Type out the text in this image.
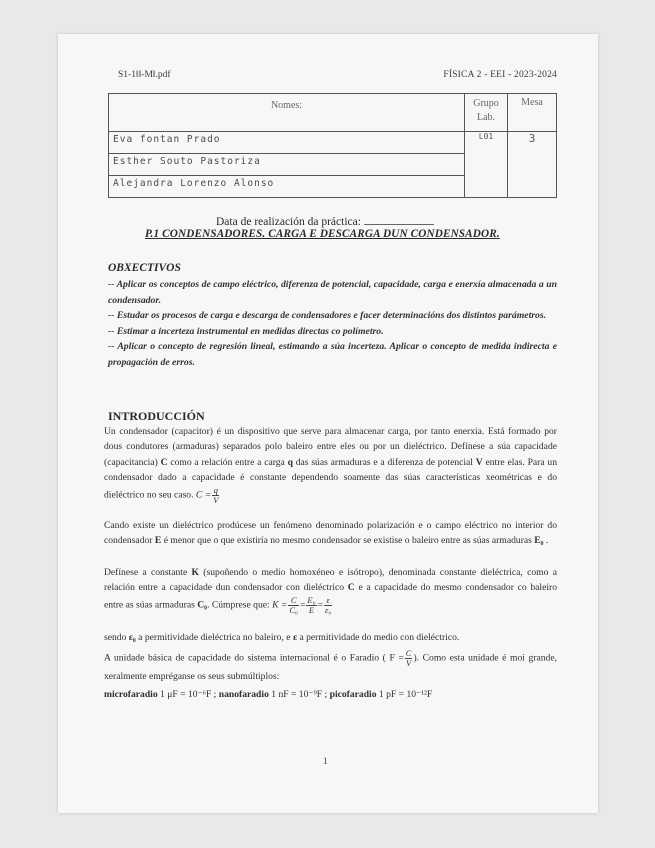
S1-1ǁǁ-Mǁ.pdf	FÍSICA 2 - EEI - 2023-2024
Nomes:	Grupo Lab.	Mesa
Eva fontan Prado	L01	3
Esther Souto Pastoriza		
Alejandra Lorenzo Alonso		
Data de realización da práctica:
P.1 CONDENSADORES. CARGA E DESCARGA DUN CONDENSADOR.
OBXECTIVOS

-- Aplicar os conceptos de campo eléctrico, diferenza de potencial, capacidade, carga e enerxía almacenada a un condensador.

-- Estudar os procesos de carga e descarga de condensadores e facer determinacións dos distintos parámetros.

-- Estimar a incerteza instrumental en medidas directas co polímetro.

-- Aplicar o concepto de regresión lineal, estimando a súa incerteza. Aplicar o concepto de medida indirecta e propagación de erros.

INTRODUCCIÓN

Un condensador (capacitor) é un dispositivo que serve para almacenar carga, por tanto enerxía. Está formado por dous condutores (armaduras) separados polo baleiro entre eles ou por un dieléctrico. Defínese a súa capacidade (capacitancia) C como a relación entre a carga q das súas armaduras e a diferenza de potencial V entre elas. Para un condensador dado a capacidade é constante dependendo soamente das súas características xeométricas e do dieléctrico no seu caso. $C = \frac{q}{V}$

Cando existe un dieléctrico prodúcese un fenómeno denominado polarización e o campo eléctrico no interior do condensador E é menor que o que existiría no mesmo condensador se existise o baleiro entre as súas armaduras E₀ .

Defínese a constante K (supoñendo o medio homoxéneo e isótropo), denominada constante dieléctrica, como a relación entre a capacidade dun condensador con dieléctrico C e a capacidade do mesmo condensador co baleiro entre as súas armaduras C₀. Cúmprese que: $K = \frac{C}{\text{C₀}} = \frac{\text{E₀}}{E} = \frac{\varepsilon}{\text{ε₀}}$

sendo ε₀ a permitividade dieléctrica no baleiro, e ε a permitividade do medio con dieléctrico.

A unidade básica de capacidade do sistema internacional é o Faradio ( $F = \frac{C}{V}$ ). Como esta unidade é moi grande, xeralmente empréganse os seus submúltiplos:

microfaradio 1 μF = 10⁻⁶F ; nanofaradio 1 nF = 10⁻⁹F ; picofaradio 1 pF = 10⁻¹²F

1
